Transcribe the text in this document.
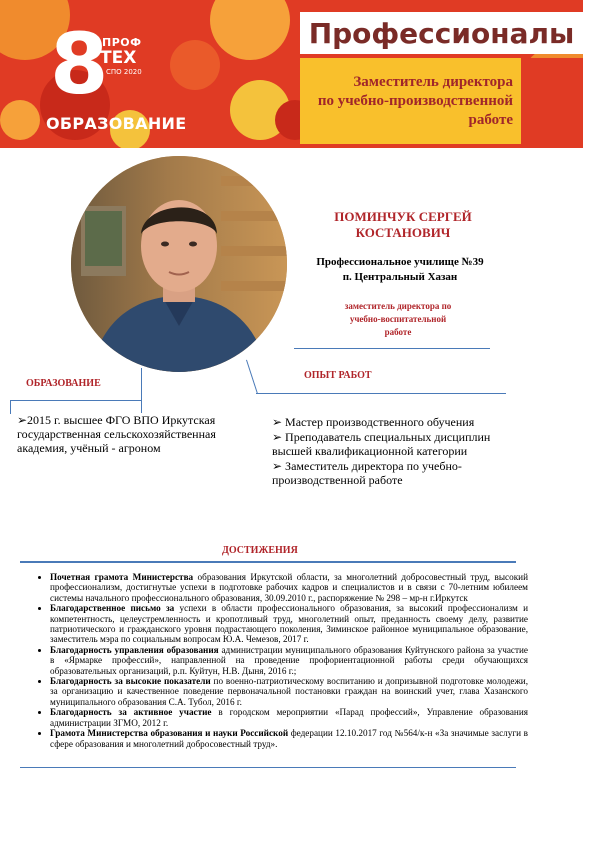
8
ПРОФ
ТЕХ
СПО 2020
ОБРАЗОВАНИЕ
Профессионалы
Заместитель директора
по учебно-производственной
работе
ПОМИНЧУК СЕРГЕЙ
КОСТАНОВИЧ
Профессиональное училище №39
п. Центральный Хазан
заместитель директора по
учебно-воспитательной
работе
ОБРАЗОВАНИЕ
➢2015 г. высшее ФГО ВПО Иркутская государственная сельскохозяйственная академия, учёный - агроном
ОПЫТ РАБОТ
➢ Мастер производственного обучения
➢ Преподаватель специальных дисциплин высшей квалификационной категории
➢ Заместитель директора по учебно-производственной работе
ДОСТИЖЕНИЯ
• Почетная грамота Министерства образования Иркутской области, за многолетний добросовестный труд, высокий профессионализм, достигнутые успехи в подготовке рабочих кадров и специалистов и в связи с 70-летним юбилеем системы начального профессионального образования, 30.09.2010 г., распоряжение № 298 – мр-н г.Иркутск
• Благодарственное письмо за успехи в области профессионального образования, за высокий профессионализм и компетентность, целеустремленность и кропотливый труд, многолетний опыт, преданность своему делу, развитие патриотического и гражданского уровня подрастающего поколения, Зиминское районное муниципальное образование, заместитель мэра по социальным вопросам Ю.А. Чемезов, 2017 г.
• Благодарность управления образования администрации муниципального образования Куйтунского района за участие в «Ярмарке профессий», направленной на проведение профориентационной работы среди обучающихся образовательных организаций, р.п. Куйтун, Н.В. Дыня, 2016 г.;
• Благодарность за высокие показатели по военно-патриотическому воспитанию и допризывной подготовке молодежи, за организацию и качественное поведение первоначальной постановки граждан на воинский учет, глава Хазанского муниципального образования С.А. Тубол, 2016 г.
• Благодарность за активное участие в городском мероприятии «Парад профессий», Управление образования администрации ЗГМО, 2012 г.
• Грамота Министерства образования и науки Российской федерации 12.10.2017 год №564/к-н «За значимые заслуги в сфере образования и многолетний добросовестный труд».
